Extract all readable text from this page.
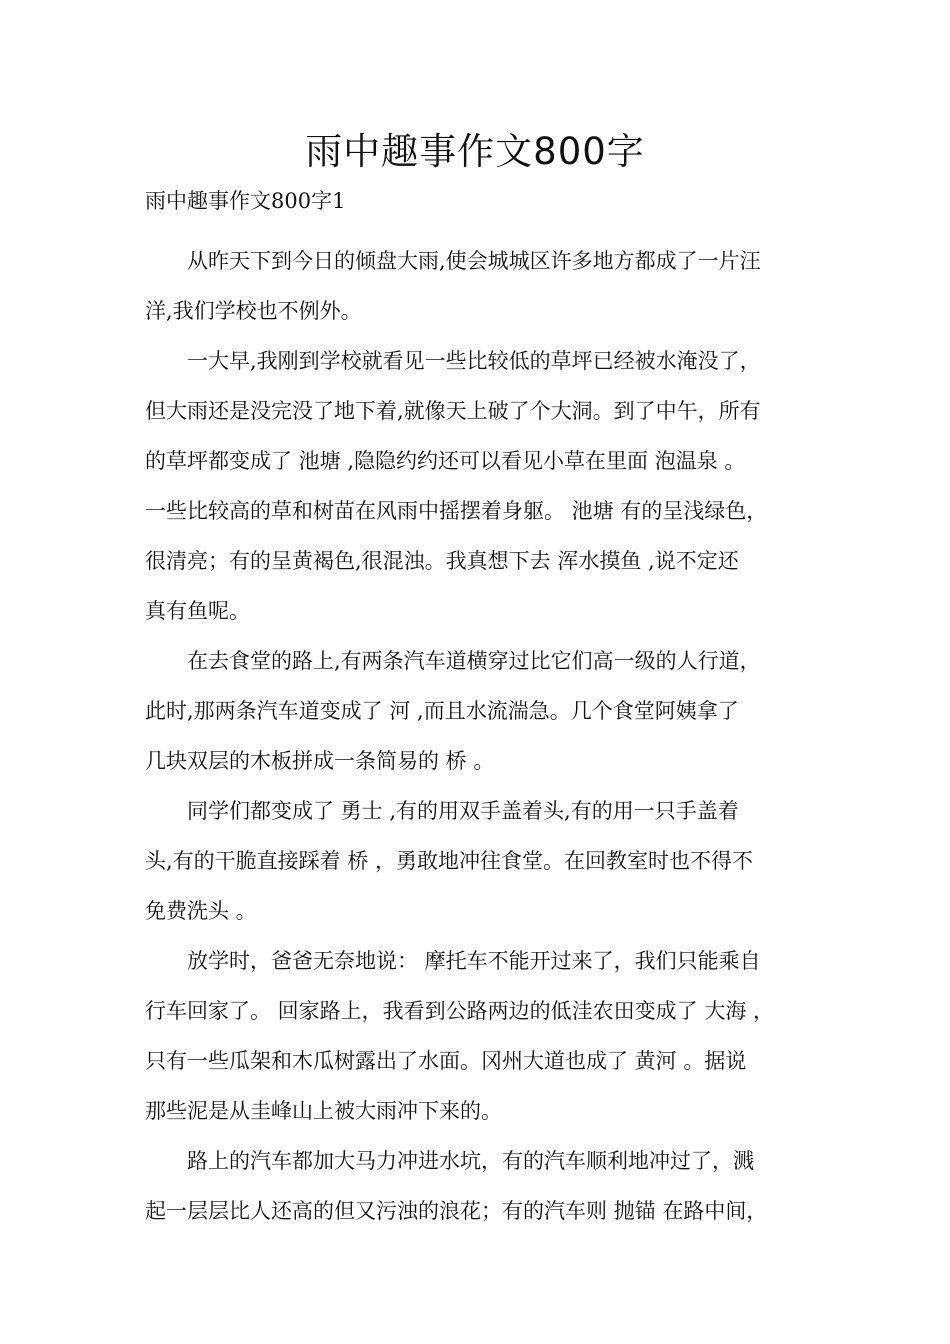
雨中趣事作文800字
雨中趣事作文800字1
从昨天下到今日的倾盘大雨,使会城城区许多地方都成了一片汪
洋,我们学校也不例外。
一大早,我刚到学校就看见一些比较低的草坪已经被水淹没了，
但大雨还是没完没了地下着,就像天上破了个大洞。到了中午，所有
的草坪都变成了 池塘 ,隐隐约约还可以看见小草在里面 泡温泉 。
一些比较高的草和树苗在风雨中摇摆着身躯。 池塘 有的呈浅绿色，
很清亮；有的呈黄褐色,很混浊。我真想下去 浑水摸鱼 ,说不定还
真有鱼呢。
在去食堂的路上,有两条汽车道横穿过比它们高一级的人行道，
此时,那两条汽车道变成了 河 ,而且水流湍急。几个食堂阿姨拿了
几块双层的木板拼成一条简易的 桥 。
同学们都变成了 勇士 ,有的用双手盖着头,有的用一只手盖着
头,有的干脆直接踩着 桥 ，勇敢地冲往食堂。在回教室时也不得不
免费洗头 。
放学时，爸爸无奈地说： 摩托车不能开过来了，我们只能乘自
行车回家了。 回家路上，我看到公路两边的低洼农田变成了 大海 ，
只有一些瓜架和木瓜树露出了水面。冈州大道也成了 黄河 。据说
那些泥是从圭峰山上被大雨冲下来的。
路上的汽车都加大马力冲进水坑，有的汽车顺利地冲过了，溅
起一层层比人还高的但又污浊的浪花；有的汽车则 抛锚 在路中间，
